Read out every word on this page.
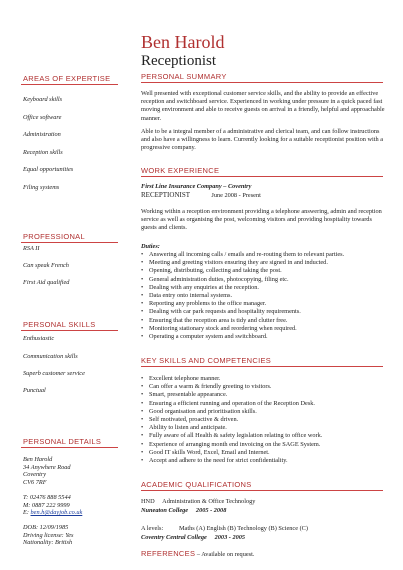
Ben Harold
Receptionist
AREAS OF EXPERTISE
Keyboard skills
Office software
Administration
Reception skills
Equal opportunities
Filing systems
PROFESSIONAL
RSA II
Can speak French
First Aid qualified
PERSONAL SKILLS
Enthusiastic
Communication skills
Superb customer service
Punctual
PERSONAL DETAILS
Ben Harold
34 Anywhere Road
Coventry
CV6 7RF
T: 02476 888 5544
M: 0887 222 9999
E: ben.h@dayjob.co.uk
DOB: 12/09/1985
Driving license: Yes
Nationality: British
PERSONAL SUMMARY
Well presented with exceptional customer service skills, and the ability to provide an effective reception and switchboard service. Experienced in working under pressure in a quick paced fast moving environment and able to receive guests on arrival in a friendly, helpful and approachable manner.
Able to be a integral member of a administrative and clerical team, and can follow instructions and also have a willingness to learn. Currently looking for a suitable receptionist position with a progressive company.
WORK EXPERIENCE
First Line Insurance Company – Coventry
RECEPTIONIST	June 2008 - Present
Working within a reception environment providing a telephone answering, admin and reception service as well as organising the post, welcoming visitors and providing hospitality towards guests and clients.
Duties:
• Answering all incoming calls / emails and re-routing them to relevant parties.
• Meeting and greeting visitors ensuring they are signed in and inducted.
• Opening, distributing, collecting and taking the post.
• General administration duties, photocopying, filing etc.
• Dealing with any enquiries at the reception.
• Data entry onto internal systems.
• Reporting any problems to the office manager.
• Dealing with car park requests and hospitality requirements.
• Ensuring that the reception area is tidy and clutter free.
• Monitoring stationary stock and reordering when required.
• Operating a computer system and switchboard.
KEY SKILLS AND COMPETENCIES
• Excellent telephone manner.
• Can offer a warm & friendly greeting to visitors.
• Smart, presentable appearance.
• Ensuring a efficient running and operation of the Reception Desk.
• Good organisation and prioritisation skills.
• Self motivated, proactive & driven.
• Ability to listen and anticipate.
• Fully aware of all Health & safety legislation relating to office work.
• Experience of arranging month end invoicing on the SAGE System.
• Good IT skills Word, Excel, Email and Internet.
• Accept and adhere to the need for strict confidentiality.
ACADEMIC QUALIFICATIONS
HND     Administration & Office Technology
Nuneaton College     2005 - 2008
A levels:          Maths (A) English (B) Technology (B) Science (C)
Coventry Central College     2003 - 2005
REFERENCES – Available on request.
